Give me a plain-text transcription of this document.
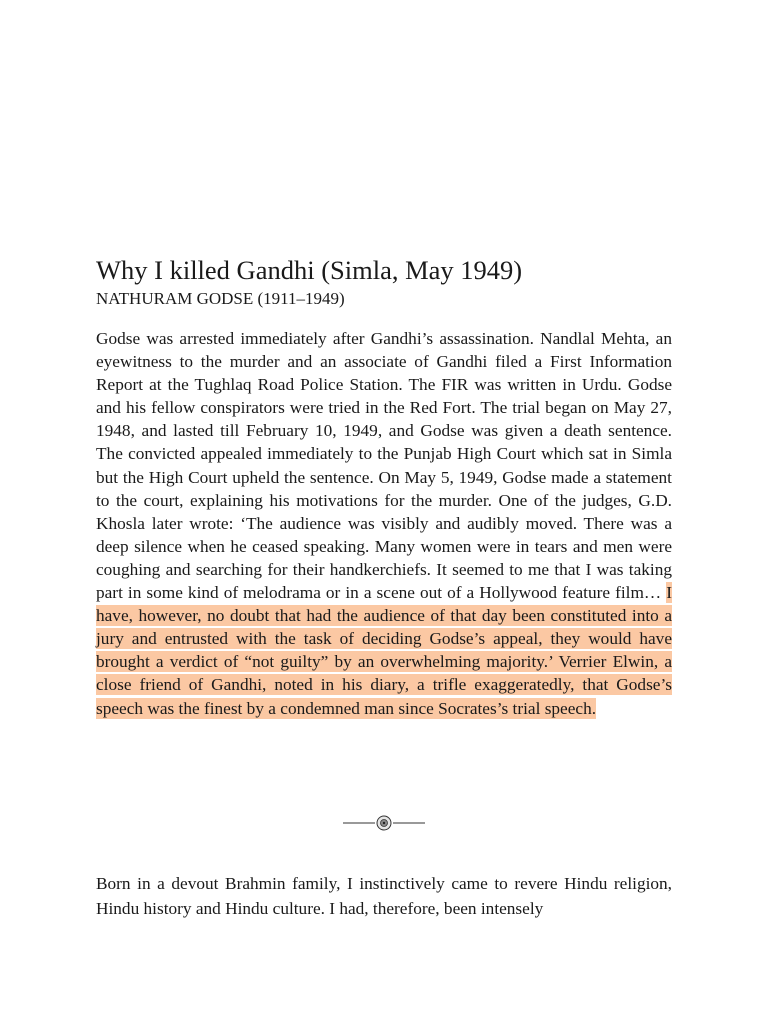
Why I killed Gandhi (Simla, May 1949)
NATHURAM GODSE (1911–1949)

Godse was arrested immediately after Gandhi’s assassination. Nandlal Mehta, an eyewitness to the murder and an associate of Gandhi filed a First Information Report at the Tughlaq Road Police Station. The FIR was written in Urdu. Godse and his fellow conspirators were tried in the Red Fort. The trial began on May 27, 1948, and lasted till February 10, 1949, and Godse was given a death sentence. The convicted appealed immediately to the Punjab High Court which sat in Simla but the High Court upheld the sentence. On May 5, 1949, Godse made a statement to the court, explaining his motivations for the murder. One of the judges, G.D. Khosla later wrote: ‘The audience was visibly and audibly moved. There was a deep silence when he ceased speaking. Many women were in tears and men were coughing and searching for their handkerchiefs. It seemed to me that I was taking part in some kind of melodrama or in a scene out of a Hollywood feature film… I have, however, no doubt that had the audience of that day been constituted into a jury and entrusted with the task of deciding Godse’s appeal, they would have brought a verdict of “not guilty” by an overwhelming majority.’ Verrier Elwin, a close friend of Gandhi, noted in his diary, a trifle exaggeratedly, that Godse’s speech was the finest by a condemned man since Socrates’s trial speech.

Born in a devout Brahmin family, I instinctively came to revere Hindu religion, Hindu history and Hindu culture. I had, therefore, been intensely
